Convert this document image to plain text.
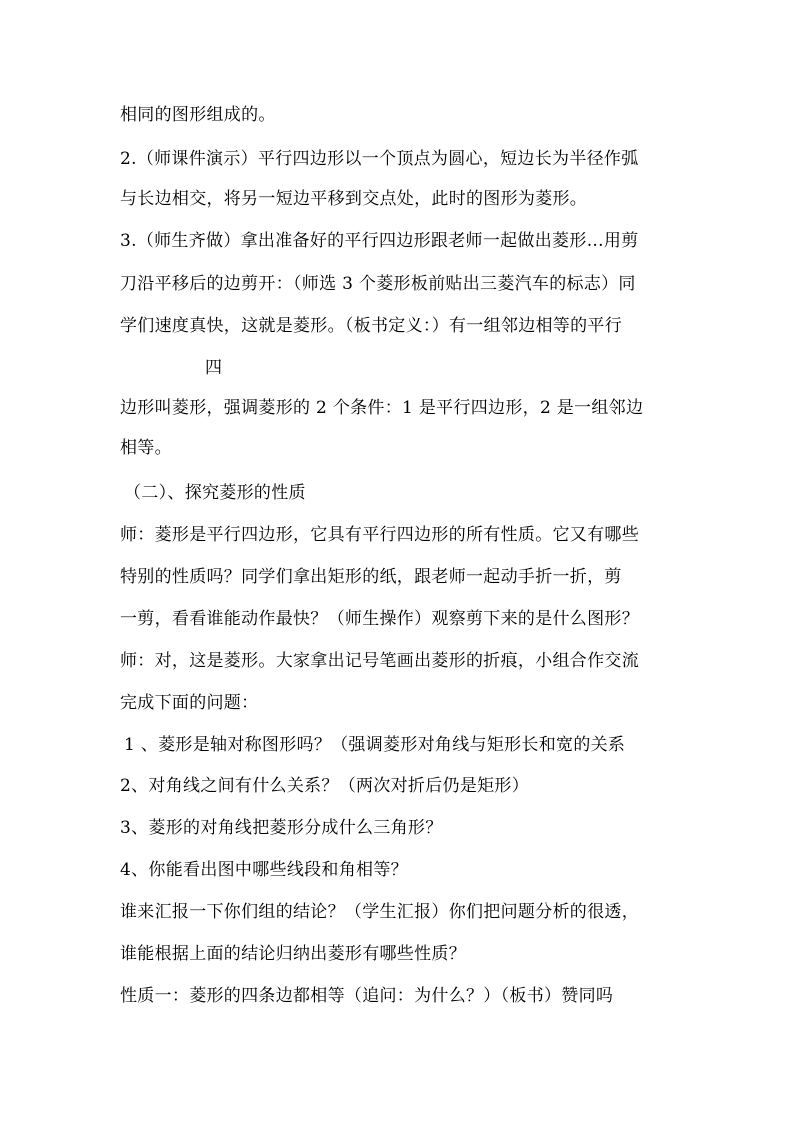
相同的图形组成的。
2.（师课件演示）平行四边形以一个顶点为圆心，短边长为半径作弧
与长边相交，将另一短边平移到交点处，此时的图形为菱形。
3.（师生齐做）拿出准备好的平行四边形跟老师一起做出菱形…用剪
刀沿平移后的边剪开：（师选 3 个菱形板前贴出三菱汽车的标志）同
学们速度真快，这就是菱形。（板书定义：）有一组邻边相等的平行
四
边形叫菱形，强调菱形的 2 个条件：1 是平行四边形，2 是一组邻边
相等。
（二）、探究菱形的性质
师：菱形是平行四边形，它具有平行四边形的所有性质。它又有哪些
特别的性质吗？同学们拿出矩形的纸，跟老师一起动手折一折，剪
一剪，看看谁能动作最快？（师生操作）观察剪下来的是什么图形？
师：对，这是菱形。大家拿出记号笔画出菱形的折痕，小组合作交流
完成下面的问题：
1 、菱形是轴对称图形吗？（强调菱形对角线与矩形长和宽的关系
2、对角线之间有什么关系？（两次对折后仍是矩形）
3、菱形的对角线把菱形分成什么三角形？
4、你能看出图中哪些线段和角相等？
谁来汇报一下你们组的结论？（学生汇报）你们把问题分析的很透，
谁能根据上面的结论归纳出菱形有哪些性质？
性质一：菱形的四条边都相等（追问：为什么？）（板书）赞同吗
